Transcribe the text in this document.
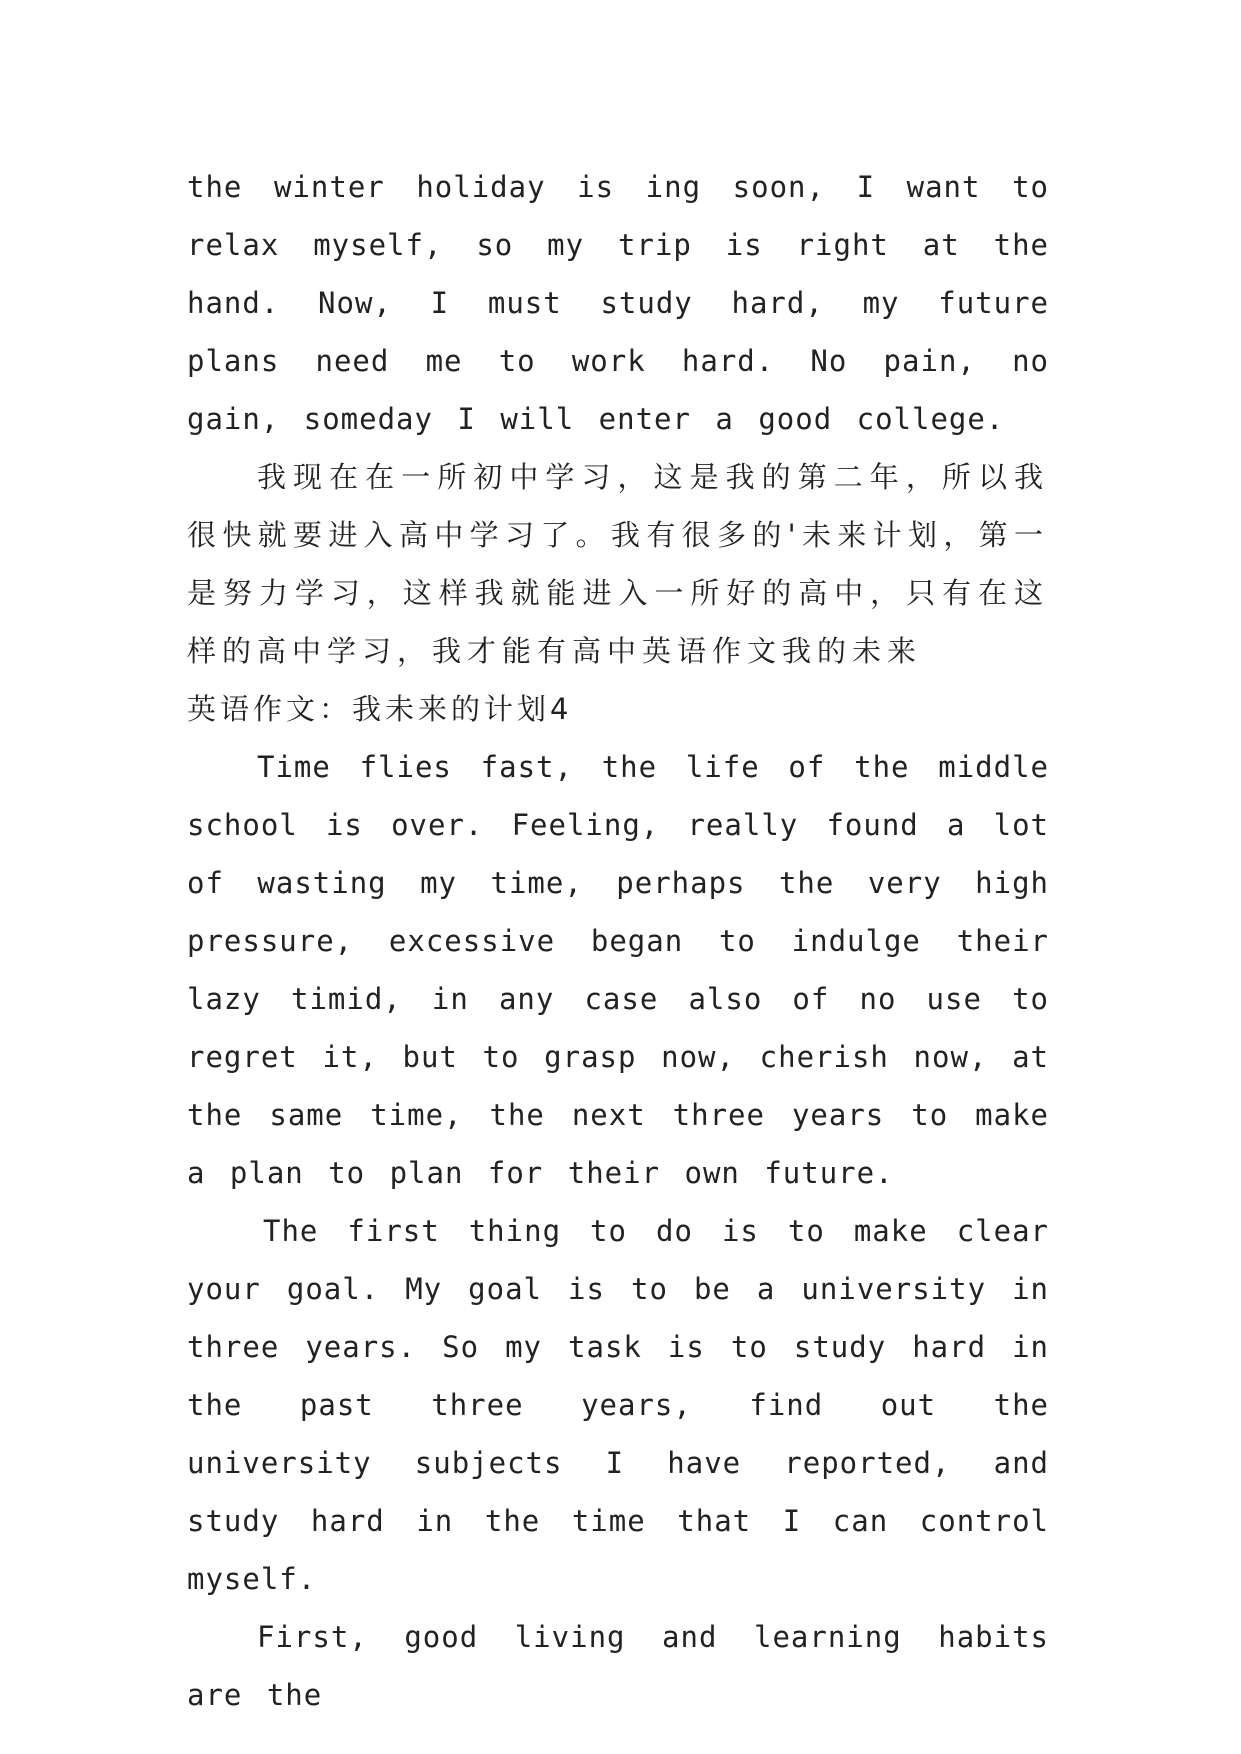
the winter holiday is ing soon, I want to relax myself, so my trip is right at the hand. Now, I must study hard, my future plans need me to work hard. No pain, no gain, someday I will enter a good college.

我现在在一所初中学习，这是我的第二年，所以我很快就要进入高中学习了。我有很多的'未来计划，第一是努力学习，这样我就能进入一所好的高中，只有在这样的高中学习，我才能有高中英语作文我的未来

英语作文：我未来的计划4

Time flies fast, the life of the middle school is over. Feeling, really found a lot of wasting my time, perhaps the very high pressure, excessive began to indulge their lazy timid, in any case also of no use to regret it, but to grasp now, cherish now, at the same time, the next three years to make a plan to plan for their own future.

The first thing to do is to make clear your goal. My goal is to be a university in three years. So my task is to study hard in the past three years, find out the university subjects I have reported, and study hard in the time that I can control myself.

First, good living and learning habits are the
